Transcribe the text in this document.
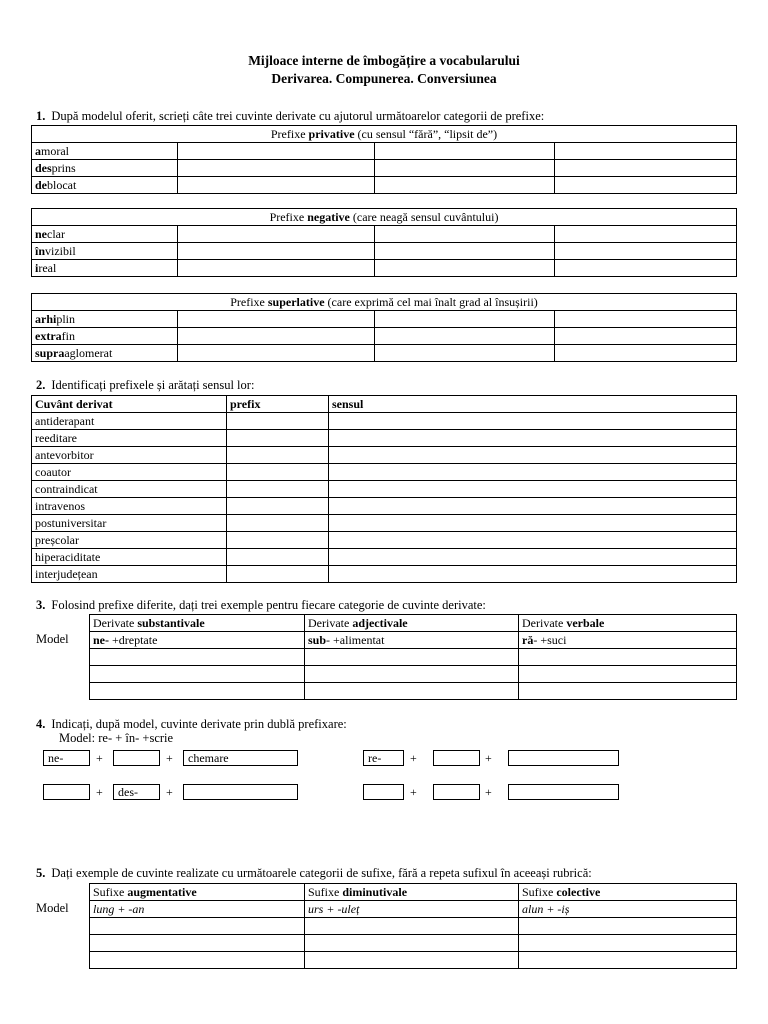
Mijloace interne de îmbogățire a vocabularului
Derivarea. Compunerea. Conversiunea
1. După modelul oferit, scrieți câte trei cuvinte derivate cu ajutorul următoarelor categorii de prefixe:
Prefixe privative (cu sensul “fără”, “lipsit de”)			
amoral			
desprins			
deblocat			
Prefixe negative (care neagă sensul cuvântului)			
neclar			
învizibil			
ireal			
Prefixe superlative (care exprimă cel mai înalt grad al însușirii)			
arhiplin			
extrafin			
supraaglomerat			
2. Identificați prefixele și arătați sensul lor:
Cuvânt derivat	prefix	sensul
antiderapant		
reeditare		
antevorbitor		
coautor		
contraindicat		
intravenos		
postuniversitar		
preșcolar		
hiperaciditate		
interjudețean		
3. Folosind prefixe diferite, dați trei exemple pentru fiecare categorie de cuvinte derivate:
Model
Derivate substantivale	Derivate adjectivale	Derivate verbale
ne- +dreptate	sub- +alimentat	ră- +suci

4. Indicați, după model, cuvinte derivate prin dublă prefixare:
Model: re- + în- +scrie
ne-	+	+	chemare	re-	+	+
+	des-	+	+	+
5. Dați exemple de cuvinte realizate cu următoarele categorii de sufixe, fără a repeta sufixul în aceeași rubrică:
Model
Sufixe augmentative	Sufixe diminutivale	Sufixe colective
lung + -an	urs + -uleț	alun + -iș
